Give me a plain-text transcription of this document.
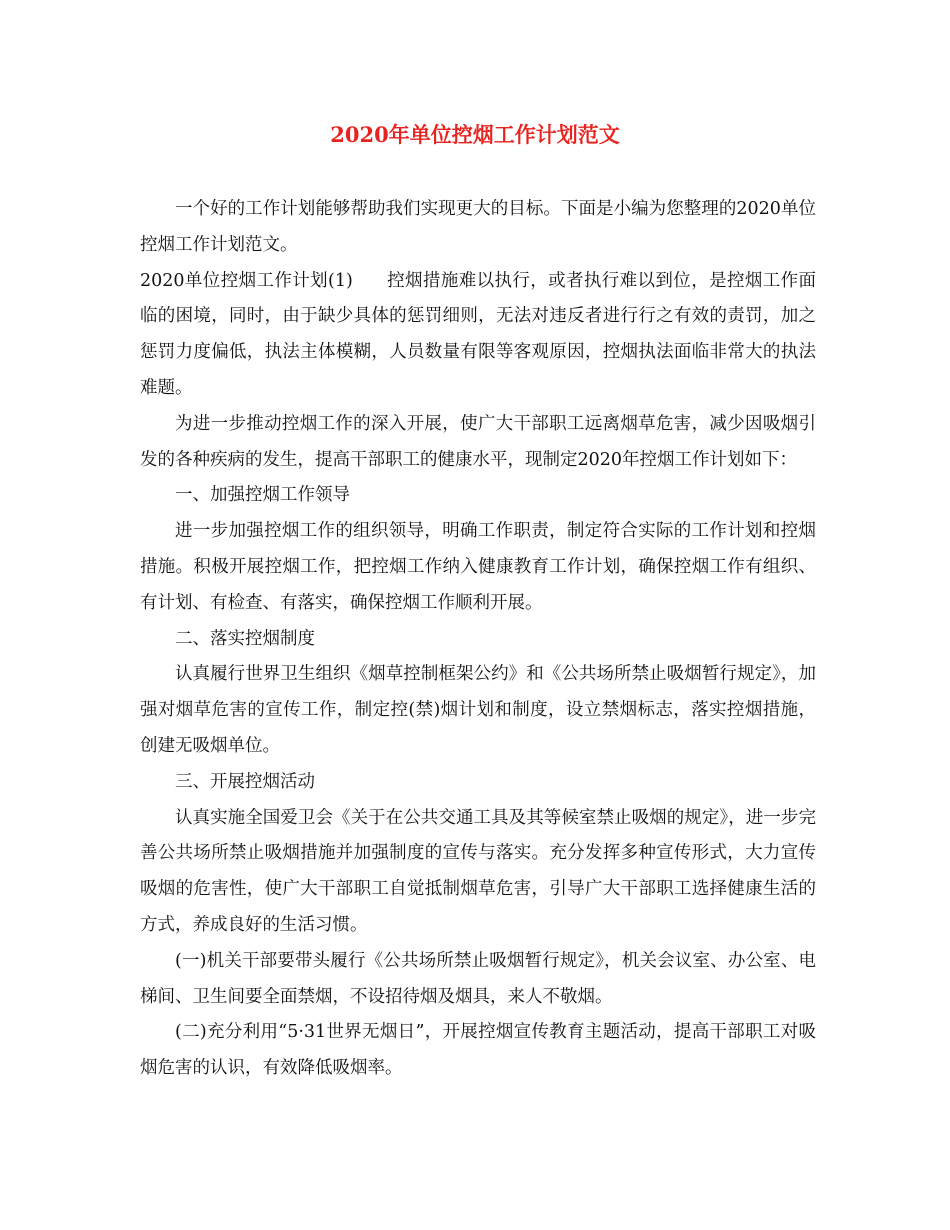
2020年单位控烟工作计划范文

一个好的工作计划能够帮助我们实现更大的目标。下面是小编为您整理的2020单位控烟工作计划范文。

2020单位控烟工作计划(1) 控烟措施难以执行，或者执行难以到位，是控烟工作面临的困境，同时，由于缺少具体的惩罚细则，无法对违反者进行行之有效的责罚，加之惩罚力度偏低，执法主体模糊，人员数量有限等客观原因，控烟执法面临非常大的执法难题。

为进一步推动控烟工作的深入开展，使广大干部职工远离烟草危害，减少因吸烟引发的各种疾病的发生，提高干部职工的健康水平，现制定2020年控烟工作计划如下：

一、加强控烟工作领导

进一步加强控烟工作的组织领导，明确工作职责，制定符合实际的工作计划和控烟措施。积极开展控烟工作，把控烟工作纳入健康教育工作计划，确保控烟工作有组织、有计划、有检查、有落实，确保控烟工作顺利开展。

二、落实控烟制度

认真履行世界卫生组织《烟草控制框架公约》和《公共场所禁止吸烟暂行规定》，加强对烟草危害的宣传工作，制定控(禁)烟计划和制度，设立禁烟标志，落实控烟措施，创建无吸烟单位。

三、开展控烟活动

认真实施全国爱卫会《关于在公共交通工具及其等候室禁止吸烟的规定》，进一步完善公共场所禁止吸烟措施并加强制度的宣传与落实。充分发挥多种宣传形式，大力宣传吸烟的危害性，使广大干部职工自觉抵制烟草危害，引导广大干部职工选择健康生活的方式，养成良好的生活习惯。

(一)机关干部要带头履行《公共场所禁止吸烟暂行规定》，机关会议室、办公室、电梯间、卫生间要全面禁烟，不设招待烟及烟具，来人不敬烟。

(二)充分利用“5·31世界无烟日”，开展控烟宣传教育主题活动，提高干部职工对吸烟危害的认识，有效降低吸烟率。
